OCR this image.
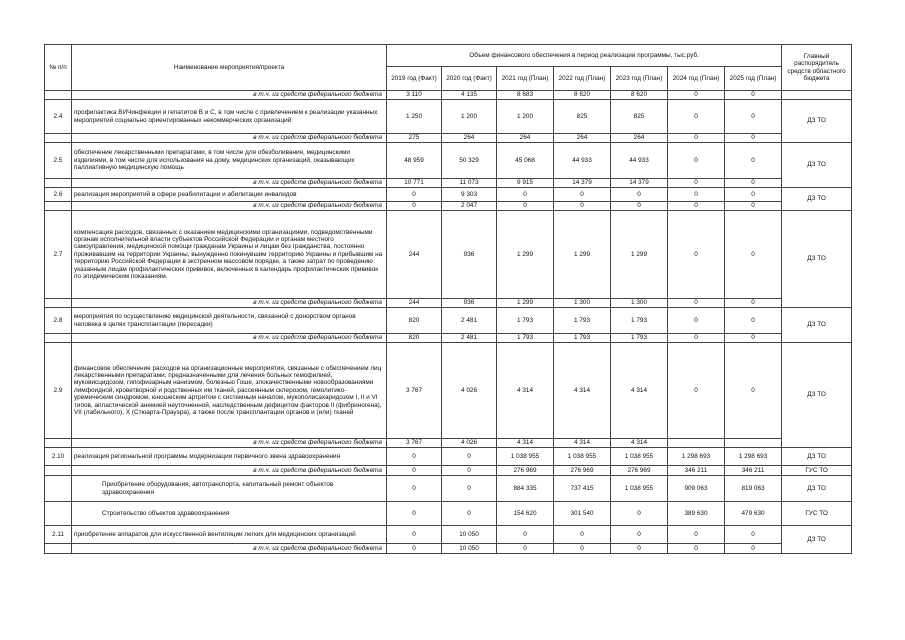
№ п/п	Наименование мероприятия/проекта	Объем финансового обеспечения в период реализации программы, тыс.руб.							Главный распорядитель средств областного бюджета
		2019 год (Факт)	2020 год (Факт)	2021 год (План)	2022 год (План)	2023 год (План)	2024 год (План)	2025 год (План)	
	в т.ч. из средств федерального бюджета	3 110	4 135	8 683	8 620	8 620	0	0	
2.4	профилактика ВИЧинфекции и гепатитов В и С, в том числе с привлечением к реализации указанных мероприятий социально ориентированных некоммерческих организаций	1 250	1 200	1 200	825	825	0	0	ДЗ ТО
	в т.ч. из средств федерального бюджета	275	264	264	264	264	0	0	
2.5	обеспечение лекарственными препаратами, в том числе для обезболивания, медицинскими изделиями, в том числе для использования на дому, медицинских организаций, оказывающих паллиативную медицинскую помощь	48 959	50 329	45 068	44 933	44 933	0	0	ДЗ ТО
	в т.ч. из средств федерального бюджета	10 771	11 073	9 915	14 379	14 379	0	0	
2.6	реализация мероприятий в сфере реабилитации и абилитации инвалидов	0	9 303	0	0	0	0	0	ДЗ ТО
	в т.ч. из средств федерального бюджета	0	2 047	0	0	0	0	0	
2.7	компенсация расходов, связанных с оказанием медицинскими организациями, подведомственными органам исполнительной власти субъектов Российской Федерации и органам местного самоуправления, медицинской помощи гражданам Украины и лицам без гражданства, постоянно проживавшим на территории Украины, вынужденно покинувшим территорию Украины и прибывшим на территорию Российской Федерации в экстренном массовом порядке, а также затрат по проведению указанным лицам профилактических прививок, включенных в календарь профилактических прививок по эпидемическим показаниям.	244	936	1 299	1 299	1 299	0	0	ДЗ ТО
	в т.ч. из средств федерального бюджета	244	936	1 299	1 300	1 300	0	0	
2.8	мероприятия по осуществлению медицинской деятельности, связанной с донорством органов человека в целях трансплантации (пересадки)	820	2 481	1 793	1 793	1 793	0	0	ДЗ ТО
	в т.ч. из средств федерального бюджета	820	2 481	1 793	1 793	1 793	0	0	
2.9	финансовое обеспечение расходов на организационные мероприятия, связанные с обеспечением лиц лекарственными препаратами, предназначенными для лечения больных гемофилией, муковисцидозом, гипофизарным нанизмом, болезнью Гоше, злокачественными новообразованиями лимфоидной, кроветворной и родственных им тканей, рассеянным склерозом, гемолитико-уремическим синдромом, юношеским артритом с системным началом, мукополисахаридозом I, II и VI типов, апластической анемией неуточненной, наследственным дефицитом факторов II (фибриногена), VII (лабильного), X (Стюарта-Прауэра), а также после трансплантации органов и (или) тканей	3 767	4 026	4 314	4 314	4 314	0	0	ДЗ ТО
	в т.ч. из средств федерального бюджета	3 767	4 026	4 314	4 314	4 314			
2.10	реализация региональной программы модернизации первичного звена здравоохранения	0	0	1 038 955	1 038 955	1 038 955	1 298 693	1 298 693	ДЗ ТО
	в т.ч. из средств федерального бюджета	0	0	276 969	276 969	276 969	346 211	346 211	ГУС ТО
	Приобретение оборудования, автотранспорта, капитальный ремонт объектов здравоохранения	0	0	884 335	737 415	1 038 955	909 063	819 063	ДЗ ТО
	Строительство объектов здравоохранения	0	0	154 620	301 540	0	389 630	479 630	ГУС ТО
2.11	приобретение аппаратов для искусственной вентиляции легких для медицинских организаций	0	10 050	0	0	0	0	0	ДЗ ТО
	в т.ч. из средств федерального бюджета	0	10 050	0	0	0	0	0	
